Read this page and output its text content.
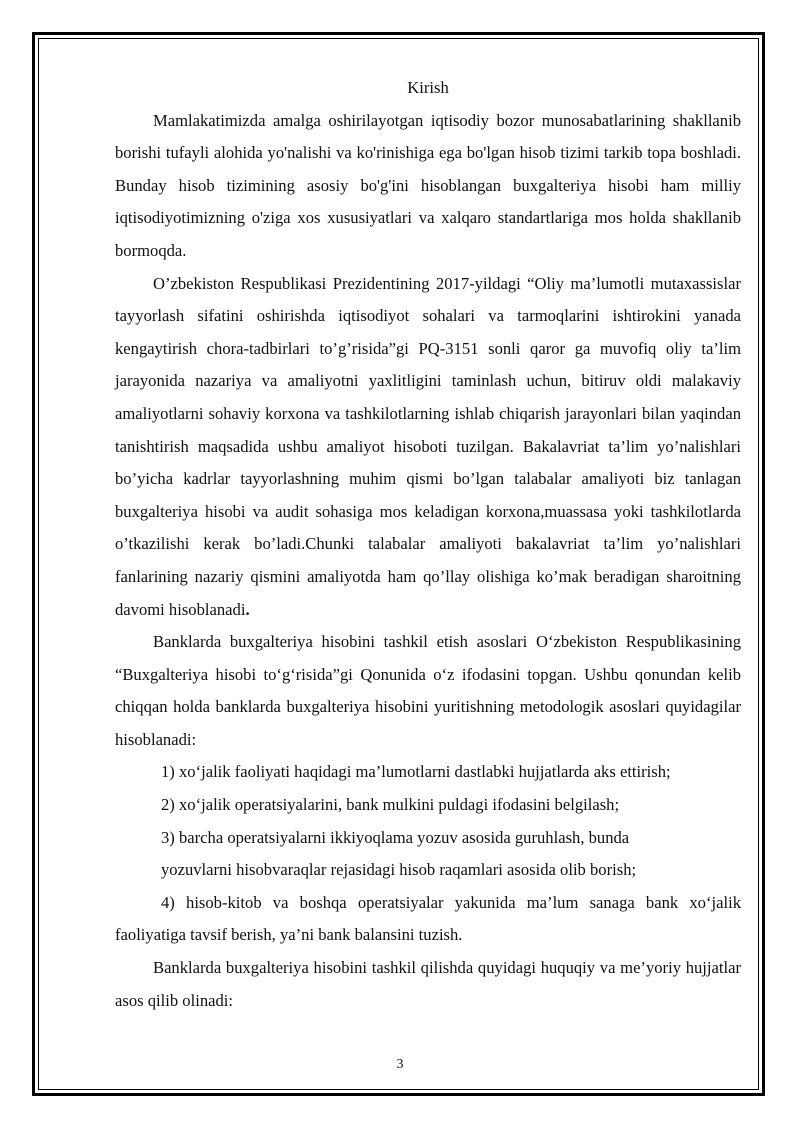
Kirish

Mamlakatimizda amalga oshirilayotgan iqtisodiy bozor munosabatlarining shakllanib borishi tufayli alohida yo'nalishi va ko'rinishiga ega bo'lgan hisob tizimi tarkib topa boshladi. Bunday hisob tizimining asosiy bo'g'ini hisoblangan buxgalteriya hisobi ham milliy iqtisodiyotimizning o'ziga xos xususiyatlari va xalqaro standartlariga mos holda shakllanib bormoqda.

O’zbekiston Respublikasi Prezidentining 2017-yildagi “Oliy ma’lumotli mutaxassislar tayyorlash sifatini oshirishda iqtisodiyot sohalari va tarmoqlarini ishtirokini yanada kengaytirish chora-tadbirlari to’g’risida”gi PQ-3151 sonli qaror ga muvofiq oliy ta’lim jarayonida nazariya va amaliyotni yaxlitligini taminlash uchun, bitiruv oldi malakaviy amaliyotlarni sohaviy korxona va tashkilotlarning ishlab chiqarish jarayonlari bilan yaqindan tanishtirish maqsadida ushbu amaliyot hisoboti tuzilgan. Bakalavriat ta’lim yo’nalishlari bo’yicha kadrlar tayyorlashning muhim qismi bo’lgan talabalar amaliyoti biz tanlagan buxgalteriya hisobi va audit sohasiga mos keladigan korxona,muassasa yoki tashkilotlarda o’tkazilishi kerak bo’ladi.Chunki talabalar amaliyoti bakalavriat ta’lim yo’nalishlari fanlarining nazariy qismini amaliyotda ham qo’llay olishiga ko’mak beradigan sharoitning davomi hisoblanadi.

Banklarda buxgalteriya hisobini tashkil etish asoslari O‘zbekiston Respublikasining “Buxgalteriya hisobi to‘g‘risida”gi Qonunida o‘z ifodasini topgan. Ushbu qonundan kelib chiqqan holda banklarda buxgalteriya hisobini yuritishning metodologik asoslari quyidagilar hisoblanadi:

1) xo‘jalik faoliyati haqidagi ma’lumotlarni dastlabki hujjatlarda aks ettirish;

2) xo‘jalik operatsiyalarini, bank mulkini puldagi ifodasini belgilash;

3) barcha operatsiyalarni ikkiyoqlama yozuv asosida guruhlash, bunda

yozuvlarni hisobvaraqlar rejasidagi hisob raqamlari asosida olib borish;

4) hisob-kitob va boshqa operatsiyalar yakunida ma’lum sanaga bank xo‘jalik faoliyatiga tavsif berish, ya’ni bank balansini tuzish.

Banklarda buxgalteriya hisobini tashkil qilishda quyidagi huquqiy va me’yoriy hujjatlar asos qilib olinadi:

3
